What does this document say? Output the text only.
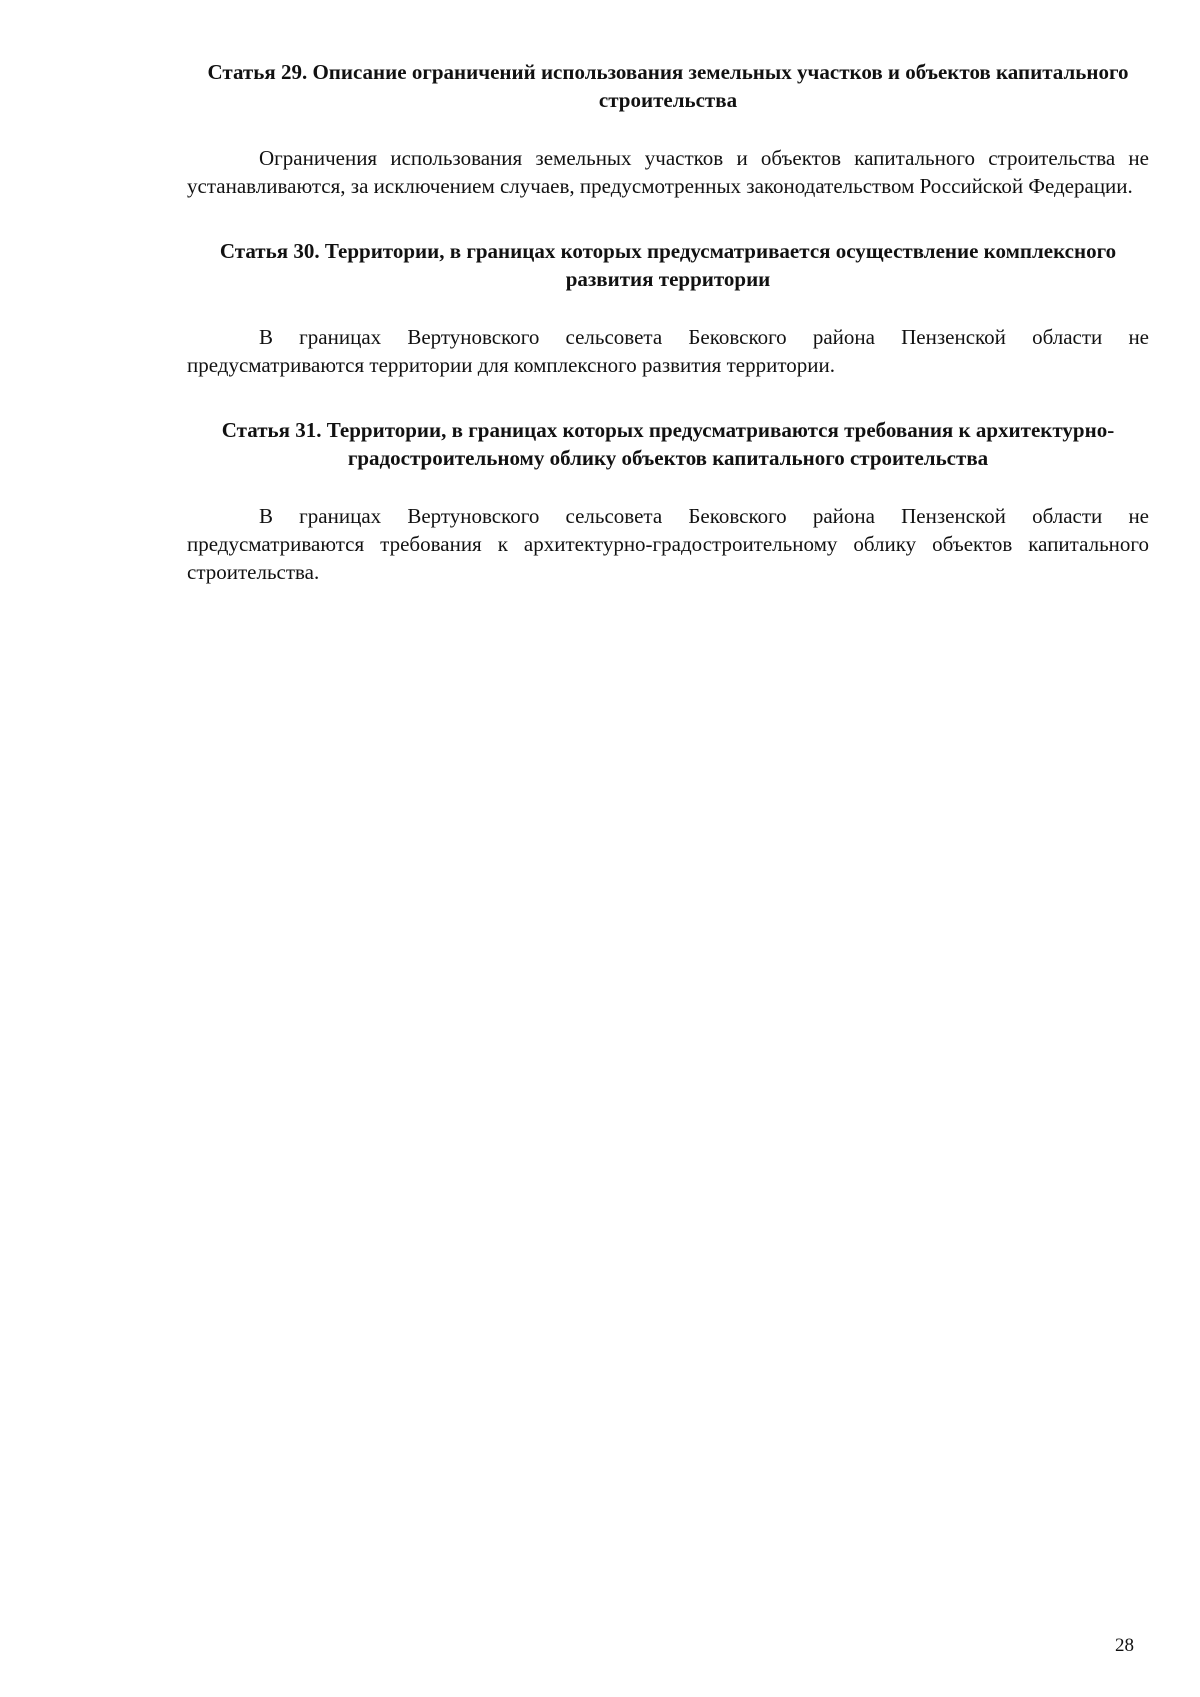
Статья 29. Описание ограничений использования земельных участков и объектов капитального строительства

Ограничения использования земельных участков и объектов капитального строительства не устанавливаются, за исключением случаев, предусмотренных законодательством Российской Федерации.

Статья 30. Территории, в границах которых предусматривается осуществление комплексного развития территории

В границах Вертуновского сельсовета Бековского района Пензенской области не предусматриваются территории для комплексного развития территории.

Статья 31. Территории, в границах которых предусматриваются требования к архитектурно-градостроительному облику объектов капитального строительства

В границах Вертуновского сельсовета Бековского района Пензенской области не предусматриваются требования к архитектурно-градостроительному облику объектов капитального строительства.

28
